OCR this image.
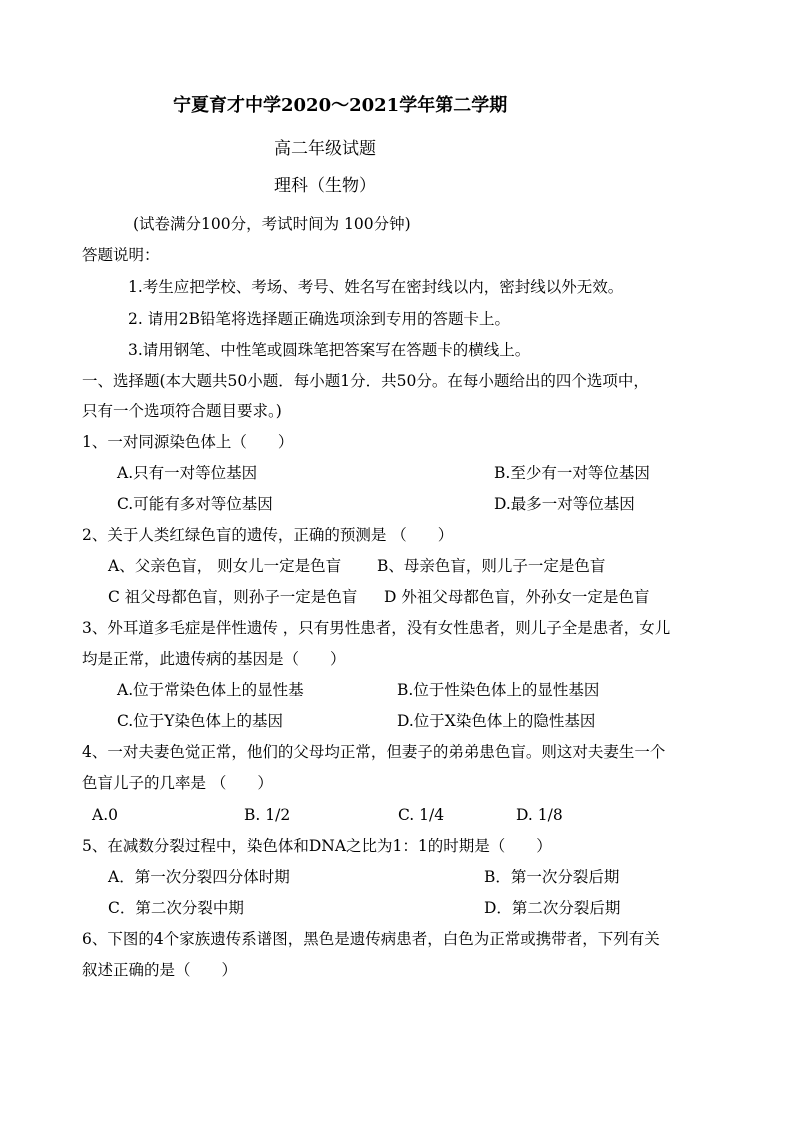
宁夏育才中学2020～2021学年第二学期
高二年级试题
理科（生物）
(试卷满分100分，考试时间为 100分钟)
答题说明：
1.考生应把学校、考场、考号、姓名写在密封线以内，密封线以外无效。
2. 请用2B铅笔将选择题正确选项涂到专用的答题卡上。
3.请用钢笔、中性笔或圆珠笔把答案写在答题卡的横线上。
一、选择题(本大题共50小题．每小题1分．共50分。在每小题给出的四个选项中，
只有一个选项符合题目要求。)
1、一对同源染色体上（　　）
A.只有一对等位基因	B.至少有一对等位基因
C.可能有多对等位基因	D.最多一对等位基因
2、关于人类红绿色盲的遗传，正确的预测是 （　　）
A、父亲色盲， 则女儿一定是色盲 B、母亲色盲，则儿子一定是色盲
C 祖父母都色盲，则孙子一定是色盲 D 外祖父母都色盲，外孙女一定是色盲
3、外耳道多毛症是伴性遗传 ，只有男性患者，没有女性患者，则儿子全是患者，女儿
均是正常，此遗传病的基因是（　　）
A.位于常染色体上的显性基	B.位于性染色体上的显性基因
C.位于Y染色体上的基因	D.位于X染色体上的隐性基因
4、一对夫妻色觉正常，他们的父母均正常，但妻子的弟弟患色盲。则这对夫妻生一个
色盲儿子的几率是 （　　）
A.0	B. 1/2	C. 1/4	D. 1/8
5、在减数分裂过程中，染色体和DNA之比为1：1的时期是（　　）
A．第一次分裂四分体时期	B．第一次分裂后期
C．第二次分裂中期	D．第二次分裂后期
6、下图的4个家族遗传系谱图，黑色是遗传病患者，白色为正常或携带者，下列有关
叙述正确的是（　　）
